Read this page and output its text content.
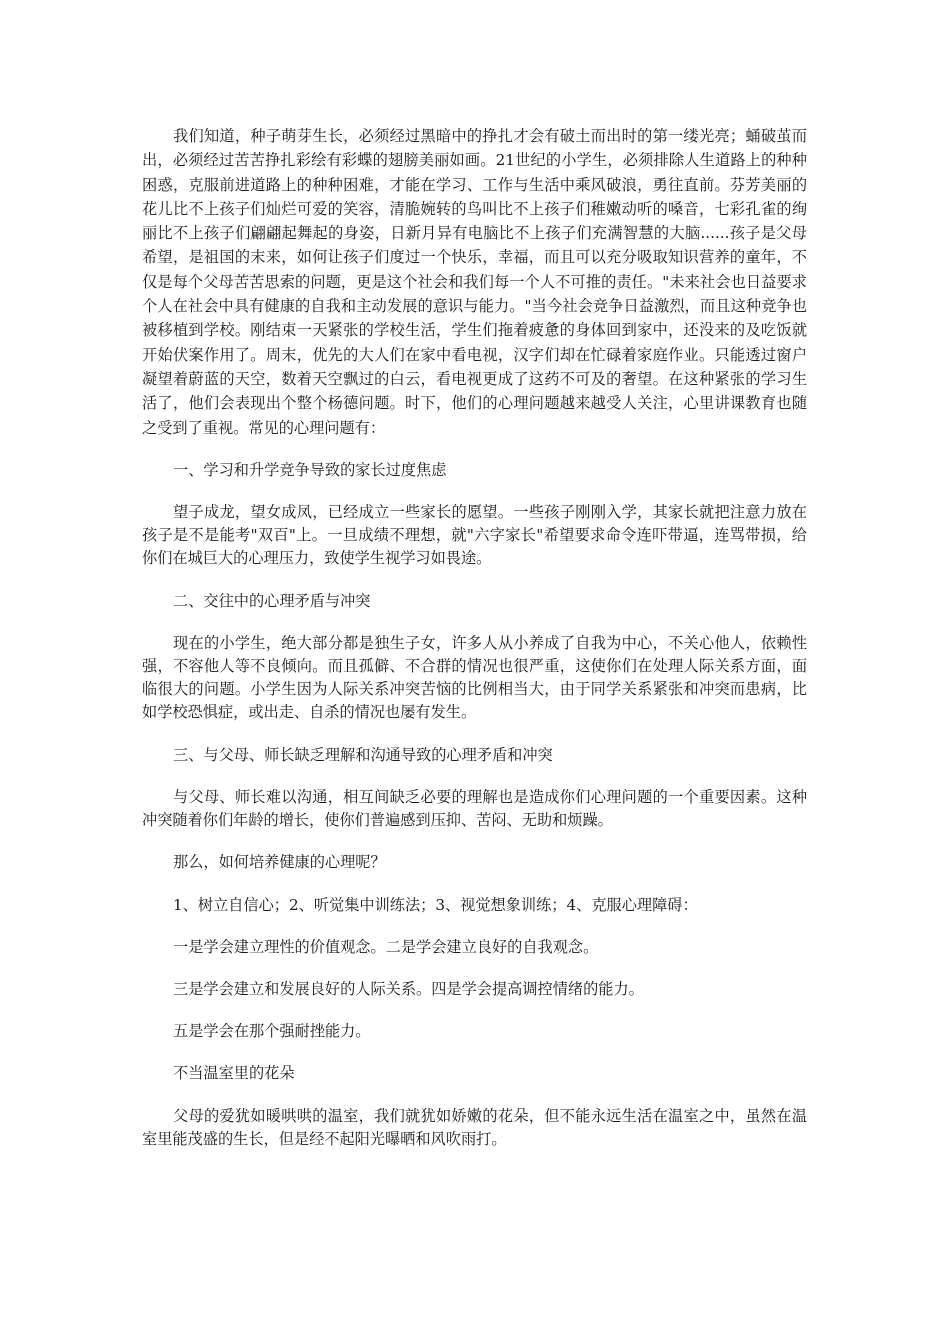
我们知道，种子萌芽生长，必须经过黑暗中的挣扎才会有破土而出时的第一缕光亮；蛹破茧而出，必须经过苦苦挣扎彩绘有彩蝶的翅膀美丽如画。21世纪的小学生，必须排除人生道路上的种种困惑，克服前进道路上的种种困难，才能在学习、工作与生活中乘风破浪，勇往直前。芬芳美丽的花儿比不上孩子们灿烂可爱的笑容，清脆婉转的鸟叫比不上孩子们稚嫩动听的嗓音，七彩孔雀的绚丽比不上孩子们翩翩起舞起的身姿，日新月异有电脑比不上孩子们充满智慧的大脑......孩子是父母希望，是祖国的末来，如何让孩子们度过一个快乐，幸福，而且可以充分吸取知识营养的童年，不仅是每个父母苦苦思索的问题，更是这个社会和我们每一个人不可推的责任。"未来社会也日益要求个人在社会中具有健康的自我和主动发展的意识与能力。"当今社会竞争日益激烈，而且这种竞争也被移植到学校。刚结束一天紧张的学校生活，学生们拖着疲惫的身体回到家中，还没来的及吃饭就开始伏案作用了。周末，优先的大人们在家中看电视，汉字们却在忙碌着家庭作业。只能透过窗户凝望着蔚蓝的天空，数着天空飘过的白云，看电视更成了这药不可及的奢望。在这种紧张的学习生活了，他们会表现出个整个杨德问题。时下，他们的心理问题越来越受人关注，心里讲课教育也随之受到了重视。常见的心理问题有：

一、学习和升学竞争导致的家长过度焦虑

望子成龙，望女成凤，已经成立一些家长的愿望。一些孩子刚刚入学，其家长就把注意力放在孩子是不是能考"双百"上。一旦成绩不理想，就"六字家长"希望要求命令连吓带逼，连骂带损，给你们在城巨大的心理压力，致使学生视学习如畏途。

二、交往中的心理矛盾与冲突

现在的小学生，绝大部分都是独生子女，许多人从小养成了自我为中心，不关心他人，依赖性强，不容他人等不良倾向。而且孤僻、不合群的情况也很严重，这使你们在处理人际关系方面，面临很大的问题。小学生因为人际关系冲突苦恼的比例相当大，由于同学关系紧张和冲突而患病，比如学校恐惧症，或出走、自杀的情况也屡有发生。

三、与父母、师长缺乏理解和沟通导致的心理矛盾和冲突

与父母、师长难以沟通，相互间缺乏必要的理解也是造成你们心理问题的一个重要因素。这种冲突随着你们年龄的增长，使你们普遍感到压抑、苦闷、无助和烦躁。

那么，如何培养健康的心理呢？

1、树立自信心；2、听觉集中训练法；3、视觉想象训练；4、克服心理障碍：

一是学会建立理性的价值观念。二是学会建立良好的自我观念。

三是学会建立和发展良好的人际关系。四是学会提高调控情绪的能力。

五是学会在那个强耐挫能力。

不当温室里的花朵

父母的爱犹如暖哄哄的温室，我们就犹如娇嫩的花朵，但不能永远生活在温室之中，虽然在温室里能茂盛的生长，但是经不起阳光曝晒和风吹雨打。
